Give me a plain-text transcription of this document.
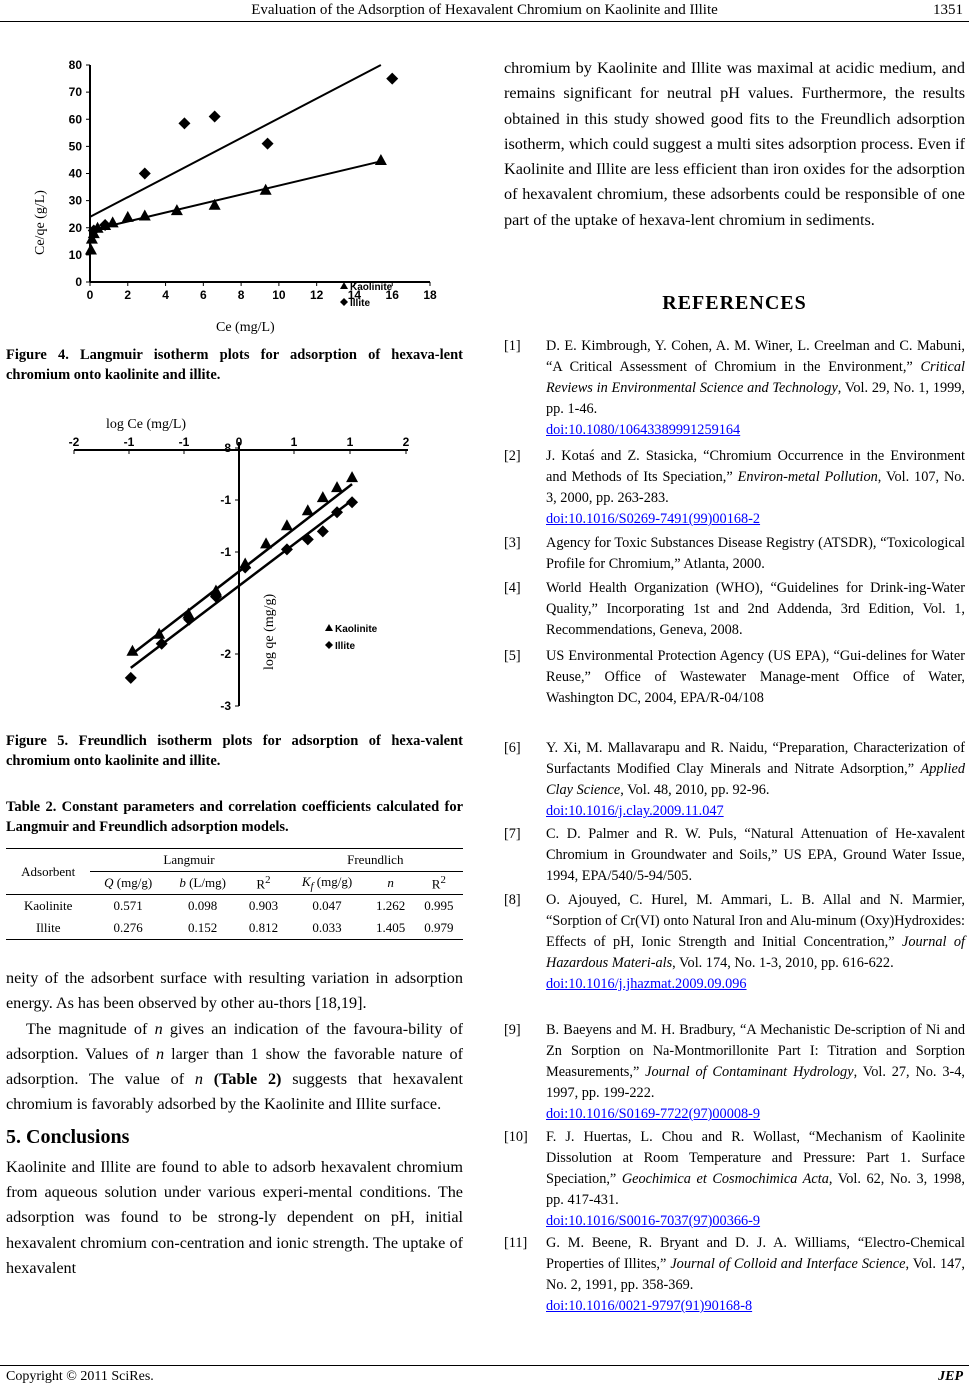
Evaluation of the Adsorption of Hexavalent Chromium on Kaolinite and Illite	1351
0	2	4	6	8 10 12 14 16 18
0
10
20
30
40
50
60
70
80
Ce/qe (g/L)
Ce (mg/L)
Kaolinite
Illite
Figure 4. Langmuir isotherm plots for adsorption of hexava-lent chromium onto kaolinite and illite.
-2	-1	-1	0	1	1	2
8
-1
-1
-2
-3
log Ce (mg/L)
log qe (mg/g)	Kaolinite
Illite
Figure 5. Freundlich isotherm plots for adsorption of hexa-valent chromium onto kaolinite and illite.
Table 2. Constant parameters and correlation coefficients calculated for Langmuir and Freundlich adsorption models.
Adsorbent	Langmuir			Freundlich		
	Q (mg/g)	b (L/mg)	$R^2$	$K_f$ (mg/g)	n	$R^2$
Kaolinite	0.571	0.098	0.903	0.047	1.262	0.995
Illite	0.276	0.152	0.812	0.033	1.405	0.979

neity of the adsorbent surface with resulting variation in adsorption energy. As has been observed by other au-thors [18,19].

The magnitude of n gives an indication of the favoura-bility of adsorption. Values of n larger than 1 show the favorable nature of adsorption. The value of n (Table 2) suggests that hexavalent chromium is favorably adsorbed by the Kaolinite and Illite surface.

5. Conclusions

Kaolinite and Illite are found to able to adsorb hexavalent chromium from aqueous solution under various experi-mental conditions. The adsorption was found to be strong-ly dependent on pH, initial hexavalent chromium con-centration and ionic strength. The uptake of hexavalent

chromium by Kaolinite and Illite was maximal at acidic medium, and remains significant for neutral pH values. Furthermore, the results obtained in this study showed good fits to the Freundlich adsorption isotherm, which could suggest a multi sites adsorption process. Even if Kaolinite and Illite are less efficient than iron oxides for the adsorption of hexavalent chromium, these adsorbents could be responsible of one part of the uptake of hexava-lent chromium in sediments.

REFERENCES
[1] D. E. Kimbrough, Y. Cohen, A. M. Winer, L. Creelman and C. Mabuni, “A Critical Assessment of Chromium in the Environment,” Critical Reviews in Environmental Science and Technology, Vol. 29, No. 1, 1999, pp. 1-46.
doi:10.1080/10643389991259164
[2] J. Kotaś and Z. Stasicka, “Chromium Occurrence in the Environment and Methods of Its Speciation,” Environ-metal Pollution, Vol. 107, No. 3, 2000, pp. 263-283.
doi:10.1016/S0269-7491(99)00168-2
[3] Agency for Toxic Substances Disease Registry (ATSDR), “Toxicological Profile for Chromium,” Atlanta, 2000.
[4] World Health Organization (WHO), “Guidelines for Drink-ing-Water Quality,” Incorporating 1st and 2nd Addenda, 3rd Edition, Vol. 1, Recommendations, Geneva, 2008.
[5] US Environmental Protection Agency (US EPA), “Gui-delines for Water Reuse,” Office of Wastewater Manage-ment Office of Water, Washington DC, 2004, EPA/R-04/108
[6] Y. Xi, M. Mallavarapu and R. Naidu, “Preparation, Characterization of Surfactants Modified Clay Minerals and Nitrate Adsorption,” Applied Clay Science, Vol. 48, 2010, pp. 92-96.
doi:10.1016/j.clay.2009.11.047
[7] C. D. Palmer and R. W. Puls, “Natural Attenuation of He-xavalent Chromium in Groundwater and Soils,” US EPA, Ground Water Issue, 1994, EPA/540/5-94/505.
[8] O. Ajouyed, C. Hurel, M. Ammari, L. B. Allal and N. Marmier, “Sorption of Cr(VI) onto Natural Iron and Alu-minum (Oxy)Hydroxides: Effects of pH, Ionic Strength and Initial Concentration,” Journal of Hazardous Materi-als, Vol. 174, No. 1-3, 2010, pp. 616-622.
doi:10.1016/j.jhazmat.2009.09.096
[9] B. Baeyens and M. H. Bradbury, “A Mechanistic De-scription of Ni and Zn Sorption on Na-Montmorillonite Part I: Titration and Sorption Measurements,” Journal of Contaminant Hydrology, Vol. 27, No. 3-4, 1997, pp. 199-222.
doi:10.1016/S0169-7722(97)00008-9
[10] F. J. Huertas, L. Chou and R. Wollast, “Mechanism of Kaolinite Dissolution at Room Temperature and Pressure: Part 1. Surface Speciation,” Geochimica et Cosmochimica Acta, Vol. 62, No. 3, 1998, pp. 417-431.
doi:10.1016/S0016-7037(97)00366-9
[11] G. M. Beene, R. Bryant and D. J. A. Williams, “Electro-Chemical Properties of Illites,” Journal of Colloid and Interface Science, Vol. 147, No. 2, 1991, pp. 358-369.
doi:10.1016/0021-9797(91)90168-8
Copyright © 2011 SciRes.	JEP
